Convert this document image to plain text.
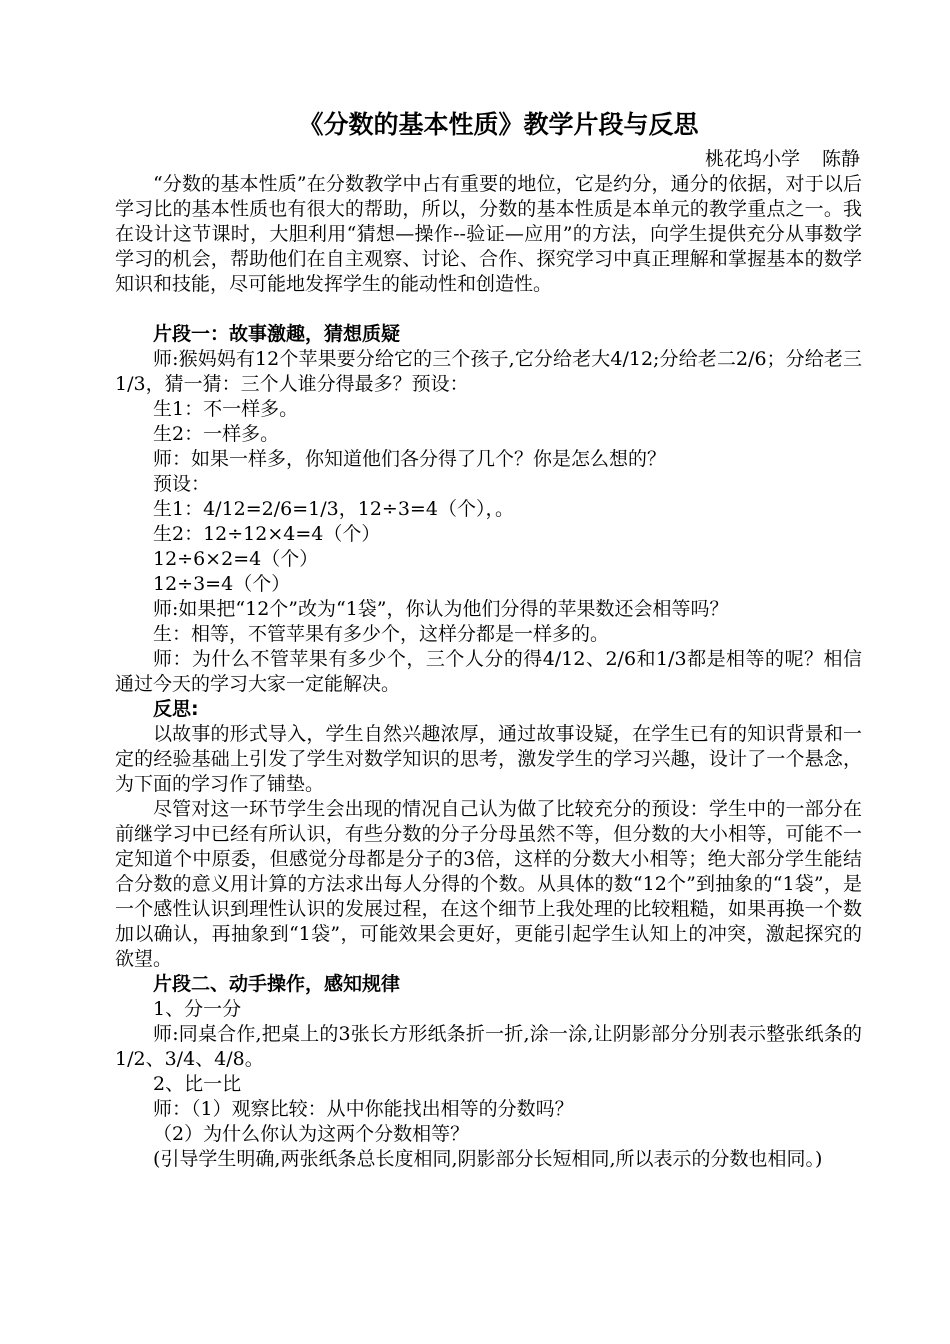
《分数的基本性质》教学片段与反思

桃花坞小学 陈静

“分数的基本性质”在分数教学中占有重要的地位，它是约分，通分的依据，对于以后学习比的基本性质也有很大的帮助，所以，分数的基本性质是本单元的教学重点之一。我在设计这节课时，大胆利用“猜想—操作--验证—应用”的方法，向学生提供充分从事数学学习的机会，帮助他们在自主观察、讨论、合作、探究学习中真正理解和掌握基本的数学知识和技能，尽可能地发挥学生的能动性和创造性。

片段一：故事激趣，猜想质疑

师:猴妈妈有12个苹果要分给它的三个孩子,它分给老大4/12;分给老二2/6；分给老三1/3，猜一猜：三个人谁分得最多？预设：

生1：不一样多。

生2：一样多。

师：如果一样多，你知道他们各分得了几个？你是怎么想的？

预设：

生1：4/12=2/6=1/3，12÷3=4（个），。

生2：12÷12×4=4（个）

12÷6×2=4（个）

12÷3=4（个）

师:如果把“12个”改为“1袋”，你认为他们分得的苹果数还会相等吗？

生：相等，不管苹果有多少个，这样分都是一样多的。

师：为什么不管苹果有多少个，三个人分的得4/12、2/6和1/3都是相等的呢？相信通过今天的学习大家一定能解决。

反思:

以故事的形式导入，学生自然兴趣浓厚，通过故事设疑，在学生已有的知识背景和一定的经验基础上引发了学生对数学知识的思考，激发学生的学习兴趣，设计了一个悬念，为下面的学习作了铺垫。

尽管对这一环节学生会出现的情况自己认为做了比较充分的预设：学生中的一部分在前继学习中已经有所认识，有些分数的分子分母虽然不等，但分数的大小相等，可能不一定知道个中原委，但感觉分母都是分子的3倍，这样的分数大小相等；绝大部分学生能结合分数的意义用计算的方法求出每人分得的个数。从具体的数“12个”到抽象的“1袋”，是一个感性认识到理性认识的发展过程，在这个细节上我处理的比较粗糙，如果再换一个数加以确认，再抽象到“1袋”，可能效果会更好，更能引起学生认知上的冲突，激起探究的欲望。

片段二、动手操作，感知规律

1、分一分

师:同桌合作,把桌上的3张长方形纸条折一折,涂一涂,让阴影部分分别表示整张纸条的1/2、3/4、4/8。

2、比一比

师：（1）观察比较：从中你能找出相等的分数吗？

（2）为什么你认为这两个分数相等？

(引导学生明确,两张纸条总长度相同,阴影部分长短相同,所以表示的分数也相同。)
